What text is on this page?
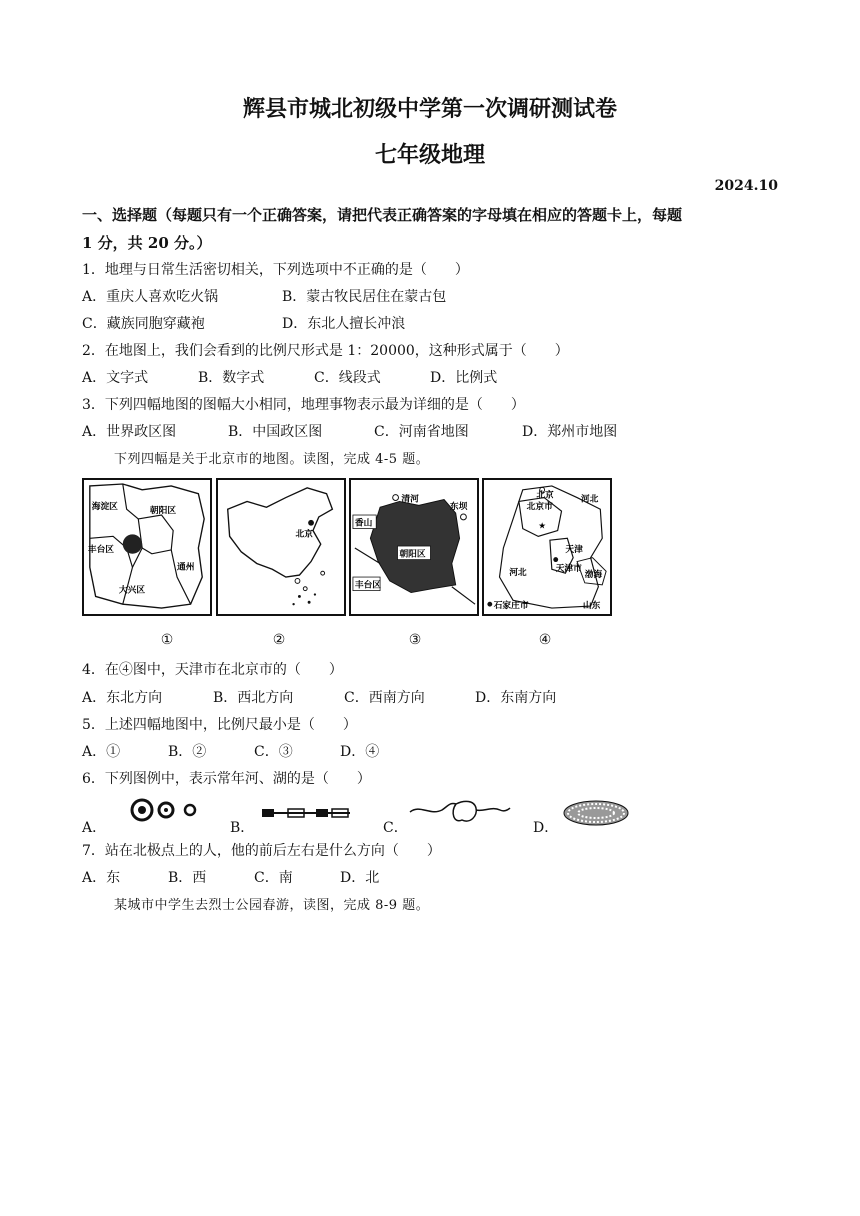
辉县市城北初级中学第一次调研测试卷
七年级地理
2024.10
一、选择题（每题只有一个正确答案，请把代表正确答案的字母填在相应的答题卡上，每题
1 分，共 20 分。）
1．地理与日常生活密切相关，下列选项中不正确的是（　　）
A．重庆人喜欢吃火锅	B．蒙古牧民居住在蒙古包
C．藏族同胞穿藏袍	D．东北人擅长冲浪
2．在地图上，我们会看到的比例尺形式是 1：20000，这种形式属于（　　）
A．文字式	B．数字式	C．线段式	D．比例式
3．下列四幅地图的图幅大小相同，地理事物表示最为详细的是（　　）
A．世界政区图	B．中国政区图	C．河南省地图	D．郑州市地图
下列四幅是关于北京市的地图。读图，完成 4-5 题。
海淀区	朝阳区
丰台区
通州
大兴区
①
北京
②
清河
东坝
香山
朝阳区
丰台区
③
★
北京
北京市
河北
天津
天津市
渤海
河北
石家庄市	山东
④
4．在④图中，天津市在北京市的（　　）
A．东北方向	B．西北方向	C．西南方向	D．东南方向
5．上述四幅地图中，比例尺最小是（　　）
A．①	B．②	C．③	D．④
6．下列图例中，表示常年河、湖的是（　　）
A．	B．	C．	D．
7．站在北极点上的人，他的前后左右是什么方向（　　）
A．东	B．西	C．南	D．北
某城市中学生去烈士公园春游，读图，完成 8-9 题。
